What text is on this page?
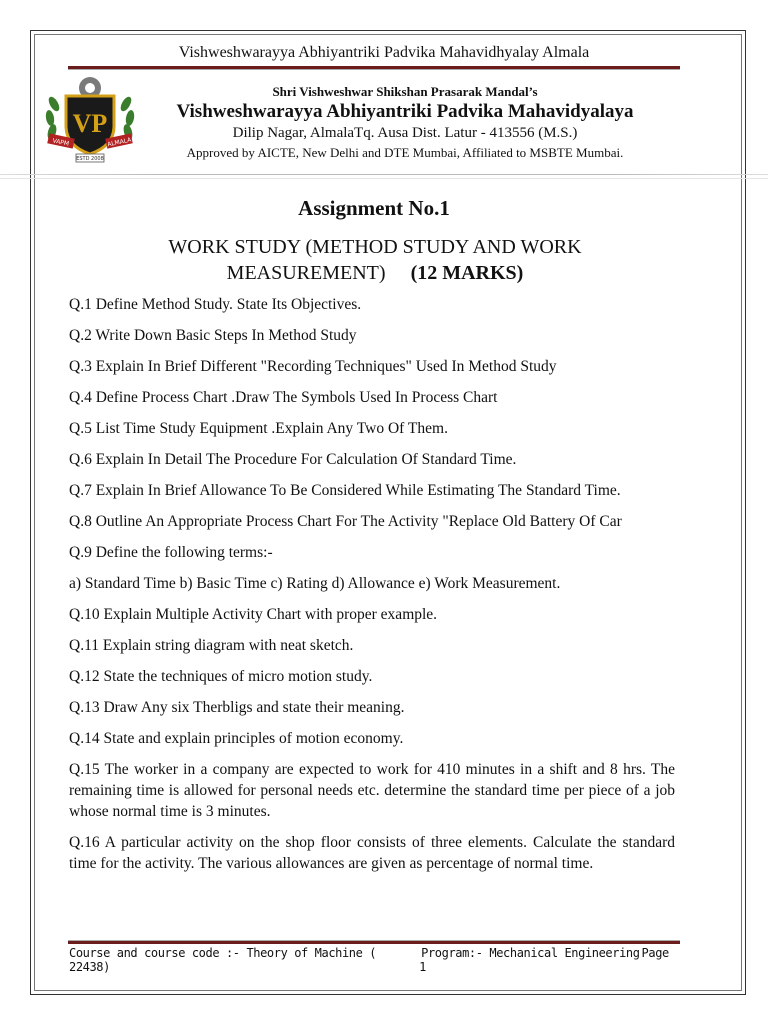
Vishweshwarayya Abhiyantriki Padvika Mahavidhyalay Almala
VP
VAPM	ALMALA
ESTD 2008
Shri Vishweshwar Shikshan Prasarak Mandal’s
Vishweshwarayya Abhiyantriki Padvika Mahavidyalaya
Dilip Nagar, AlmalaTq. Ausa Dist. Latur - 413556 (M.S.)
Approved by AICTE, New Delhi and DTE Mumbai, Affiliated to MSBTE Mumbai.
Assignment No.1
WORK STUDY (METHOD STUDY AND WORK
MEASUREMENT) (12 MARKS)

Q.1 Define Method Study. State Its Objectives.

Q.2 Write Down Basic Steps In Method Study

Q.3 Explain In Brief Different "Recording Techniques" Used In Method Study

Q.4 Define Process Chart .Draw The Symbols Used In Process Chart

Q.5 List Time Study Equipment .Explain Any Two Of Them.

Q.6 Explain In Detail The Procedure For Calculation Of Standard Time.

Q.7 Explain In Brief Allowance To Be Considered While Estimating The Standard Time.

Q.8 Outline An Appropriate Process Chart For The Activity "Replace Old Battery Of Car

Q.9 Define the following terms:-

a) Standard Time b) Basic Time c) Rating d) Allowance e) Work Measurement.

Q.10 Explain Multiple Activity Chart with proper example.

Q.11 Explain string diagram with neat sketch.

Q.12 State the techniques of micro motion study.

Q.13 Draw Any six Therbligs and state their meaning.

Q.14 State and explain principles of motion economy.

Q.15 The worker in a company are expected to work for 410 minutes in a shift and 8 hrs. The remaining time is allowed for personal needs etc. determine the standard time per piece of a job whose normal time is 3 minutes.

Q.16 A particular activity on the shop floor consists of three elements. Calculate the standard time for the activity. The various allowances are given as percentage of normal time.

Course and course code :- Theory of Machine ( 22438)
Program:- Mechanical Engineering Page 1
